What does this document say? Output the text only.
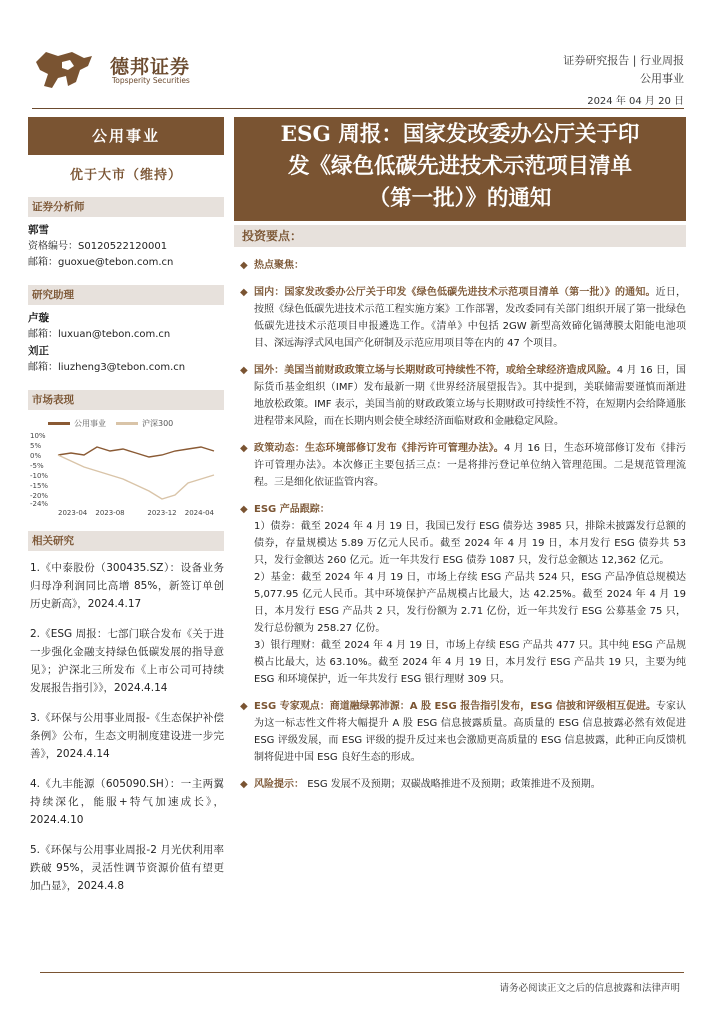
德邦证券
Topsperity Securities
证券研究报告 | 行业周报
公用事业
2024 年 04 月 20 日
公用事业
优于大市（维持）
证券分析师
郭雪
资格编号：S0120522120001
邮箱：guoxue@tebon.com.cn
研究助理
卢璇
邮箱：luxuan@tebon.com.cn
刘正
邮箱：liuzheng3@tebon.com.cn
市场表现
公用事业	沪深300
10%
5%
0%
-5%
-10%
-15%
-20%
-24%
2023-04 2023-08	2023-12 2024-04
相关研究
1.《中泰股份（300435.SZ）：设备业务归母净利润同比高增 85%，新签订单创历史新高》，2024.4.17
2.《ESG 周报：七部门联合发布《关于进一步强化金融支持绿色低碳发展的指导意见》；沪深北三所发布《上市公司可持续发展报告指引》》，2024.4.14
3.《环保与公用事业周报-《生态保护补偿条例》公布，生态文明制度建设进一步完善》，2024.4.14
4.《九丰能源（605090.SH）：一主两翼持续深化，能服+特气加速成长》，2024.4.10
5.《环保与公用事业周报-2 月光伏利用率跌破 95%，灵活性调节资源价值有望更加凸显》，2024.4.8
ESG 周报：国家发改委办公厅关于印
发《绿色低碳先进技术示范项目清单
（第一批）》的通知
投资要点：
◆ 热点聚焦：
◆ 国内：国家发改委办公厅关于印发《绿色低碳先进技术示范项目清单（第一批）》的通知。近日，按照《绿色低碳先进技术示范工程实施方案》工作部署，发改委同有关部门组织开展了第一批绿色低碳先进技术示范项目申报遴选工作。《清单》中包括 2GW 新型高效碲化镉薄膜太阳能电池项目、深远海浮式风电国产化研制及示范应用项目等在内的 47 个项目。
◆ 国外：美国当前财政政策立场与长期财政可持续性不符，或给全球经济造成风险。4 月 16 日，国际货币基金组织（IMF）发布最新一期《世界经济展望报告》。其中提到，美联储需要谨慎而渐进地放松政策。IMF 表示，美国当前的财政政策立场与长期财政可持续性不符，在短期内会给降通胀进程带来风险，而在长期内则会使全球经济面临财政和金融稳定风险。
◆ 政策动态：生态环境部修订发布《排污许可管理办法》。4 月 16 日，生态环境部修订发布《排污许可管理办法》。本次修正主要包括三点：一是将排污登记单位纳入管理范围。二是规范管理流程。三是细化依证监管内容。
◆ ESG 产品跟踪：
1）债券：截至 2024 年 4 月 19 日，我国已发行 ESG 债券达 3985 只，排除未披露发行总额的债券，存量规模达 5.89 万亿元人民币。截至 2024 年 4 月 19 日，本月发行 ESG 债券共 53 只，发行金额达 260 亿元。近一年共发行 ESG 债券 1087 只，发行总金额达 12,362 亿元。
2）基金：截至 2024 年 4 月 19 日，市场上存续 ESG 产品共 524 只，ESG 产品净值总规模达 5,077.95 亿元人民币。其中环境保护产品规模占比最大，达 42.25%。截至 2024 年 4 月 19 日，本月发行 ESG 产品共 2 只，发行份额为 2.71 亿份，近一年共发行 ESG 公募基金 75 只，发行总份额为 258.27 亿份。
3）银行理财：截至 2024 年 4 月 19 日，市场上存续 ESG 产品共 477 只。其中纯 ESG 产品规模占比最大，达 63.10%。截至 2024 年 4 月 19 日，本月发行 ESG 产品共 19 只，主要为纯 ESG 和环境保护，近一年共发行 ESG 银行理财 309 只。
◆ ESG 专家观点：商道融绿郭沛源：A 股 ESG 报告指引发布，ESG 信披和评级相互促进。专家认为这一标志性文件将大幅提升 A 股 ESG 信息披露质量。高质量的 ESG 信息披露必然有效促进 ESG 评级发展，而 ESG 评级的提升反过来也会激励更高质量的 ESG 信息披露，此种正向反馈机制将促进中国 ESG 良好生态的形成。
◆ 风险提示： ESG 发展不及预期；双碳战略推进不及预期；政策推进不及预期。
请务必阅读正文之后的信息披露和法律声明
